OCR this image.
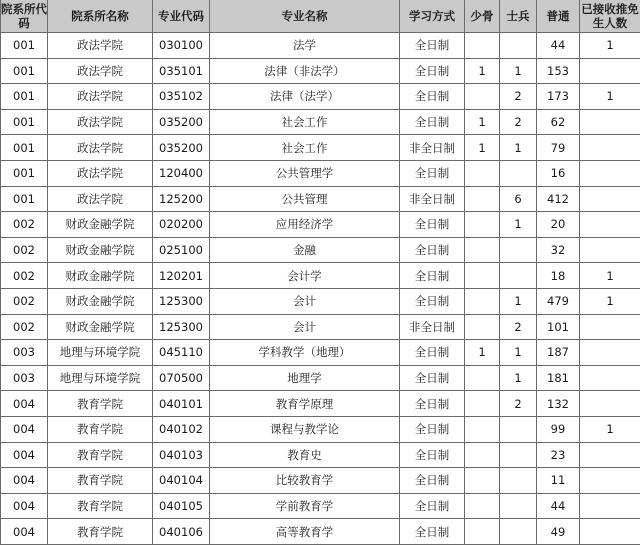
院系所代码	院系所名称	专业代码	专业名称	学习方式	少骨	士兵	普通	已接收推免生人数

001	政法学院	030100	法学	全日制			44	1
001	政法学院	035101	法律（非法学）	全日制	1	1	153	
001	政法学院	035102	法律（法学）	全日制		2	173	1
001	政法学院	035200	社会工作	全日制	1	2	62	
001	政法学院	035200	社会工作	非全日制	1	1	79	
001	政法学院	120400	公共管理学	全日制			16	
001	政法学院	125200	公共管理	非全日制		6	412	
002	财政金融学院	020200	应用经济学	全日制		1	20	
002	财政金融学院	025100	金融	全日制			32	
002	财政金融学院	120201	会计学	全日制			18	1
002	财政金融学院	125300	会计	全日制		1	479	1
002	财政金融学院	125300	会计	非全日制		2	101	
003	地理与环境学院	045110	学科教学（地理）	全日制	1	1	187	
003	地理与环境学院	070500	地理学	全日制		1	181	
004	教育学院	040101	教育学原理	全日制		2	132	
004	教育学院	040102	课程与教学论	全日制			99	1
004	教育学院	040103	教育史	全日制			23	
004	教育学院	040104	比较教育学	全日制			11	
004	教育学院	040105	学前教育学	全日制			44	
004	教育学院	040106	高等教育学	全日制			49	
